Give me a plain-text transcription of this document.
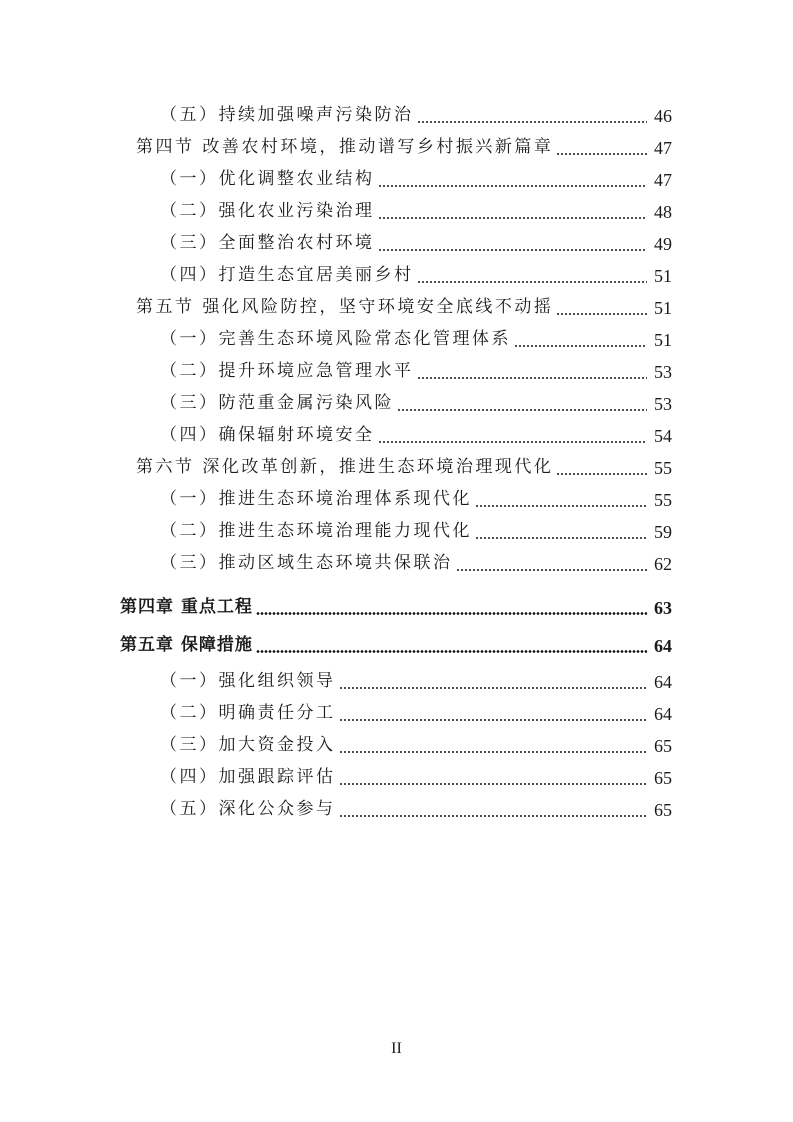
（五）持续加强噪声污染防治	46
第四节 改善农村环境，推动谱写乡村振兴新篇章	47
（一）优化调整农业结构	47
（二）强化农业污染治理	48
（三）全面整治农村环境	49
（四）打造生态宜居美丽乡村	51
第五节 强化风险防控，坚守环境安全底线不动摇	51
（一）完善生态环境风险常态化管理体系	51
（二）提升环境应急管理水平	53
（三）防范重金属污染风险	53
（四）确保辐射环境安全	54
第六节 深化改革创新，推进生态环境治理现代化	55
（一）推进生态环境治理体系现代化	55
（二）推进生态环境治理能力现代化	59
（三）推动区域生态环境共保联治	62
第四章 重点工程	63
第五章 保障措施	64
（一）强化组织领导	64
（二）明确责任分工	64
（三）加大资金投入	65
（四）加强跟踪评估	65
（五）深化公众参与	65
II
